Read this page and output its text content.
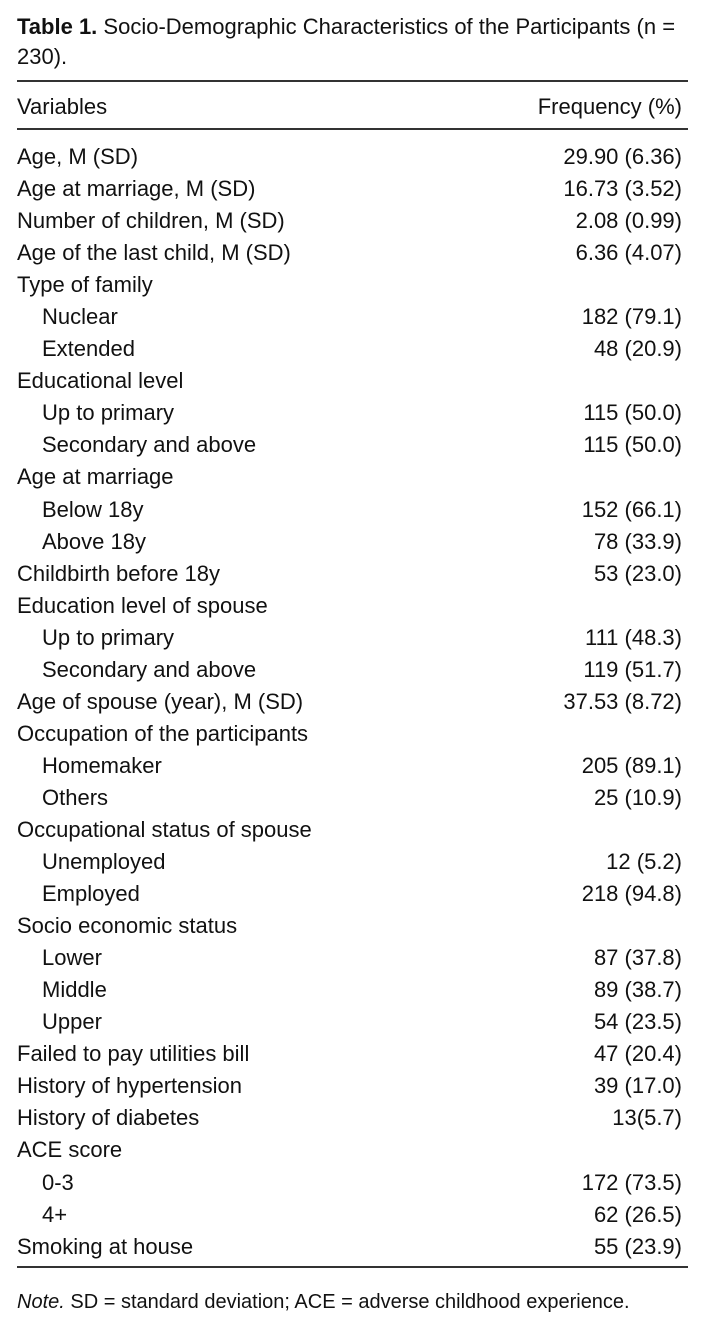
Table 1. Socio-Demographic Characteristics of the Participants (n = 230).
Variables	Frequency (%)
Age, M (SD)	29.90 (6.36)
Age at marriage, M (SD)	16.73 (3.52)
Number of children, M (SD)	2.08 (0.99)
Age of the last child, M (SD)	6.36 (4.07)
Type of family
Nuclear	182 (79.1)
Extended	48 (20.9)
Educational level
Up to primary	115 (50.0)
Secondary and above	115 (50.0)
Age at marriage
Below 18y	152 (66.1)
Above 18y	78 (33.9)
Childbirth before 18y	53 (23.0)
Education level of spouse
Up to primary	111 (48.3)
Secondary and above	119 (51.7)
Age of spouse (year), M (SD)	37.53 (8.72)
Occupation of the participants
Homemaker	205 (89.1)
Others	25 (10.9)
Occupational status of spouse
Unemployed	12 (5.2)
Employed	218 (94.8)
Socio economic status
Lower	87 (37.8)
Middle	89 (38.7)
Upper	54 (23.5)
Failed to pay utilities bill	47 (20.4)
History of hypertension	39 (17.0)
History of diabetes	13(5.7)
ACE score
0-3	172 (73.5)
4+	62 (26.5)
Smoking at house	55 (23.9)
Note. SD = standard deviation; ACE = adverse childhood experience.
